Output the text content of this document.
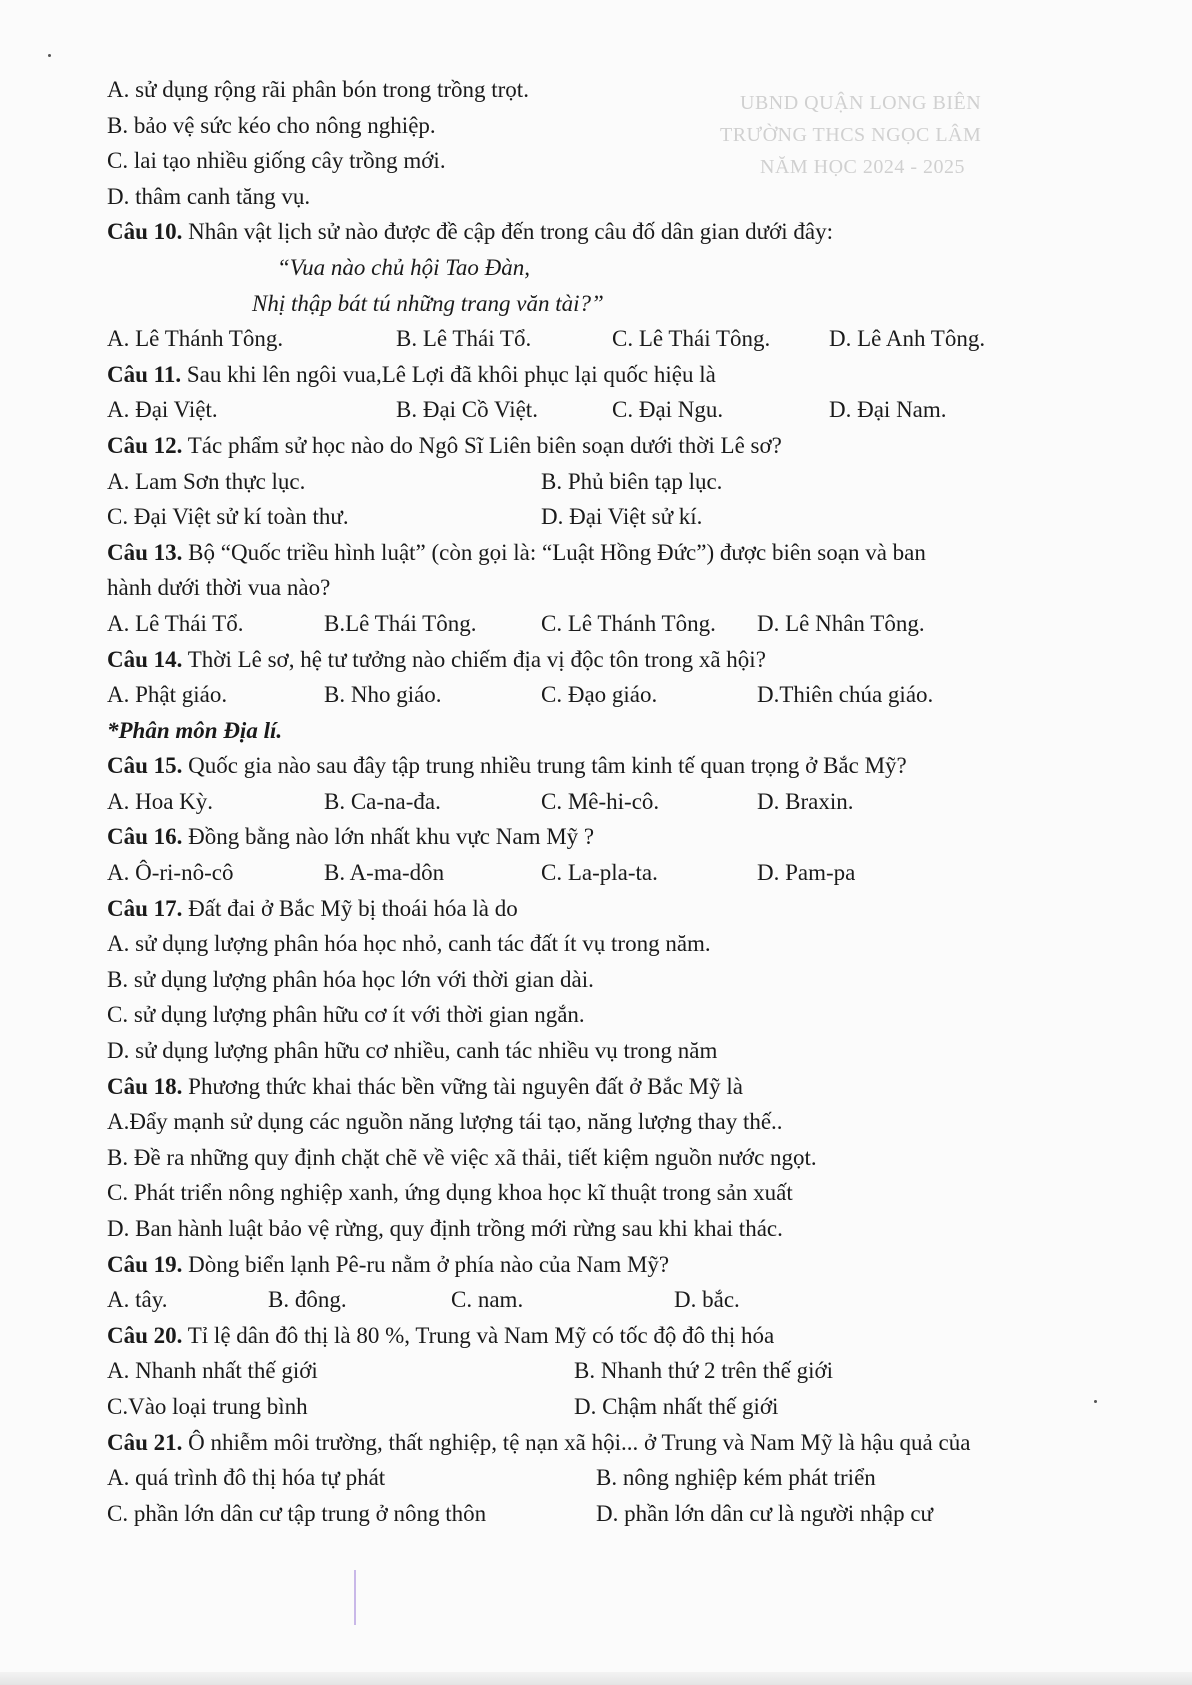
UBND QUẬN LONG BIÊN
TRƯỜNG THCS NGỌC LÂM
NĂM HỌC 2024 - 2025
A. sử dụng rộng rãi phân bón trong trồng trọt.
B. bảo vệ sức kéo cho nông nghiệp.
C. lai tạo nhiều giống cây trồng mới.
D. thâm canh tăng vụ.
Câu 10. Nhân vật lịch sử nào được đề cập đến trong câu đố dân gian dưới đây:
“Vua nào chủ hội Tao Đàn,
Nhị thập bát tú những trang văn tài?”
A. Lê Thánh Tông.	B. Lê Thái Tổ.	C. Lê Thái Tông.	D. Lê Anh Tông.
Câu 11. Sau khi lên ngôi vua,Lê Lợi đã khôi phục lại quốc hiệu là
A. Đại Việt.	B. Đại Cồ Việt.	C. Đại Ngu.	D. Đại Nam.
Câu 12. Tác phẩm sử học nào do Ngô Sĩ Liên biên soạn dưới thời Lê sơ?
A. Lam Sơn thực lục.	B. Phủ biên tạp lục.
C. Đại Việt sử kí toàn thư.	D. Đại Việt sử kí.
Câu 13. Bộ “Quốc triều hình luật” (còn gọi là: “Luật Hồng Đức”) được biên soạn và ban
hành dưới thời vua nào?
A. Lê Thái Tổ.	B.Lê Thái Tông.	C. Lê Thánh Tông. D. Lê Nhân Tông.
Câu 14. Thời Lê sơ, hệ tư tưởng nào chiếm địa vị độc tôn trong xã hội?
A. Phật giáo.	B. Nho giáo.	C. Đạo giáo.	D.Thiên chúa giáo.
*Phân môn Địa lí.
Câu 15. Quốc gia nào sau đây tập trung nhiều trung tâm kinh tế quan trọng ở Bắc Mỹ?
A. Hoa Kỳ.	B. Ca-na-đa.	C. Mê-hi-cô.	D. Braxin.
Câu 16. Đồng bằng nào lớn nhất khu vực Nam Mỹ ?
A. Ô-ri-nô-cô	B. A-ma-dôn	C. La-pla-ta.	D. Pam-pa
Câu 17. Đất đai ở Bắc Mỹ bị thoái hóa là do
A. sử dụng lượng phân hóa học nhỏ, canh tác đất ít vụ trong năm.
B. sử dụng lượng phân hóa học lớn với thời gian dài.
C. sử dụng lượng phân hữu cơ ít với thời gian ngắn.
D. sử dụng lượng phân hữu cơ nhiều, canh tác nhiều vụ trong năm
Câu 18. Phương thức khai thác bền vững tài nguyên đất ở Bắc Mỹ là
A.Đẩy mạnh sử dụng các nguồn năng lượng tái tạo, năng lượng thay thế..
B. Đề ra những quy định chặt chẽ về việc xã thải, tiết kiệm nguồn nước ngọt.
C. Phát triển nông nghiệp xanh, ứng dụng khoa học kĩ thuật trong sản xuất
D. Ban hành luật bảo vệ rừng, quy định trồng mới rừng sau khi khai thác.
Câu 19. Dòng biển lạnh Pê-ru nằm ở phía nào của Nam Mỹ?
A. tây.	B. đông.	C. nam.	D. bắc.
Câu 20. Tỉ lệ dân đô thị là 80 %, Trung và Nam Mỹ có tốc độ đô thị hóa
A. Nhanh nhất thế giới	B. Nhanh thứ 2 trên thế giới
C.Vào loại trung bình	D. Chậm nhất thế giới
Câu 21. Ô nhiễm môi trường, thất nghiệp, tệ nạn xã hội... ở Trung và Nam Mỹ là hậu quả của
A. quá trình đô thị hóa tự phát	B. nông nghiệp kém phát triển
C. phần lớn dân cư tập trung ở nông thôn	D. phần lớn dân cư là người nhập cư
